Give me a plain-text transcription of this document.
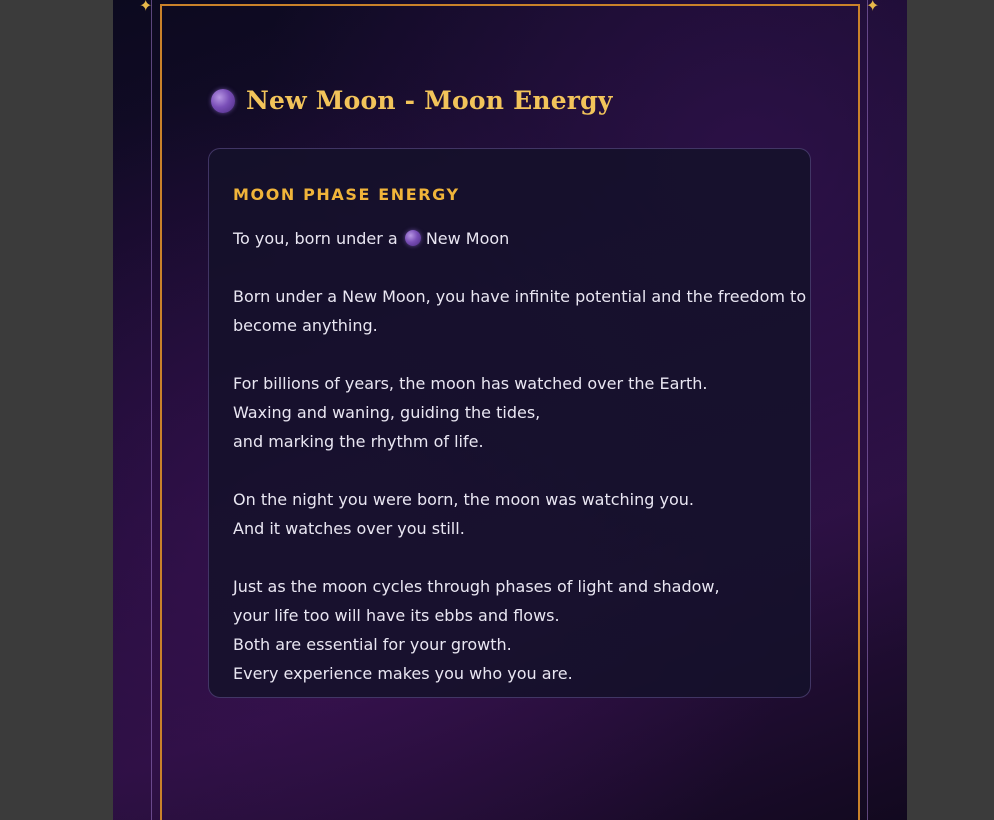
✦	✦
New Moon - Moon Energy
MOON PHASE ENERGY
To you, born under a New Moon
Born under a New Moon, you have infinite potential and the freedom to
become anything.
For billions of years, the moon has watched over the Earth.
Waxing and waning, guiding the tides,
and marking the rhythm of life.
On the night you were born, the moon was watching you.
And it watches over you still.
Just as the moon cycles through phases of light and shadow,
your life too will have its ebbs and flows.
Both are essential for your growth.
Every experience makes you who you are.
